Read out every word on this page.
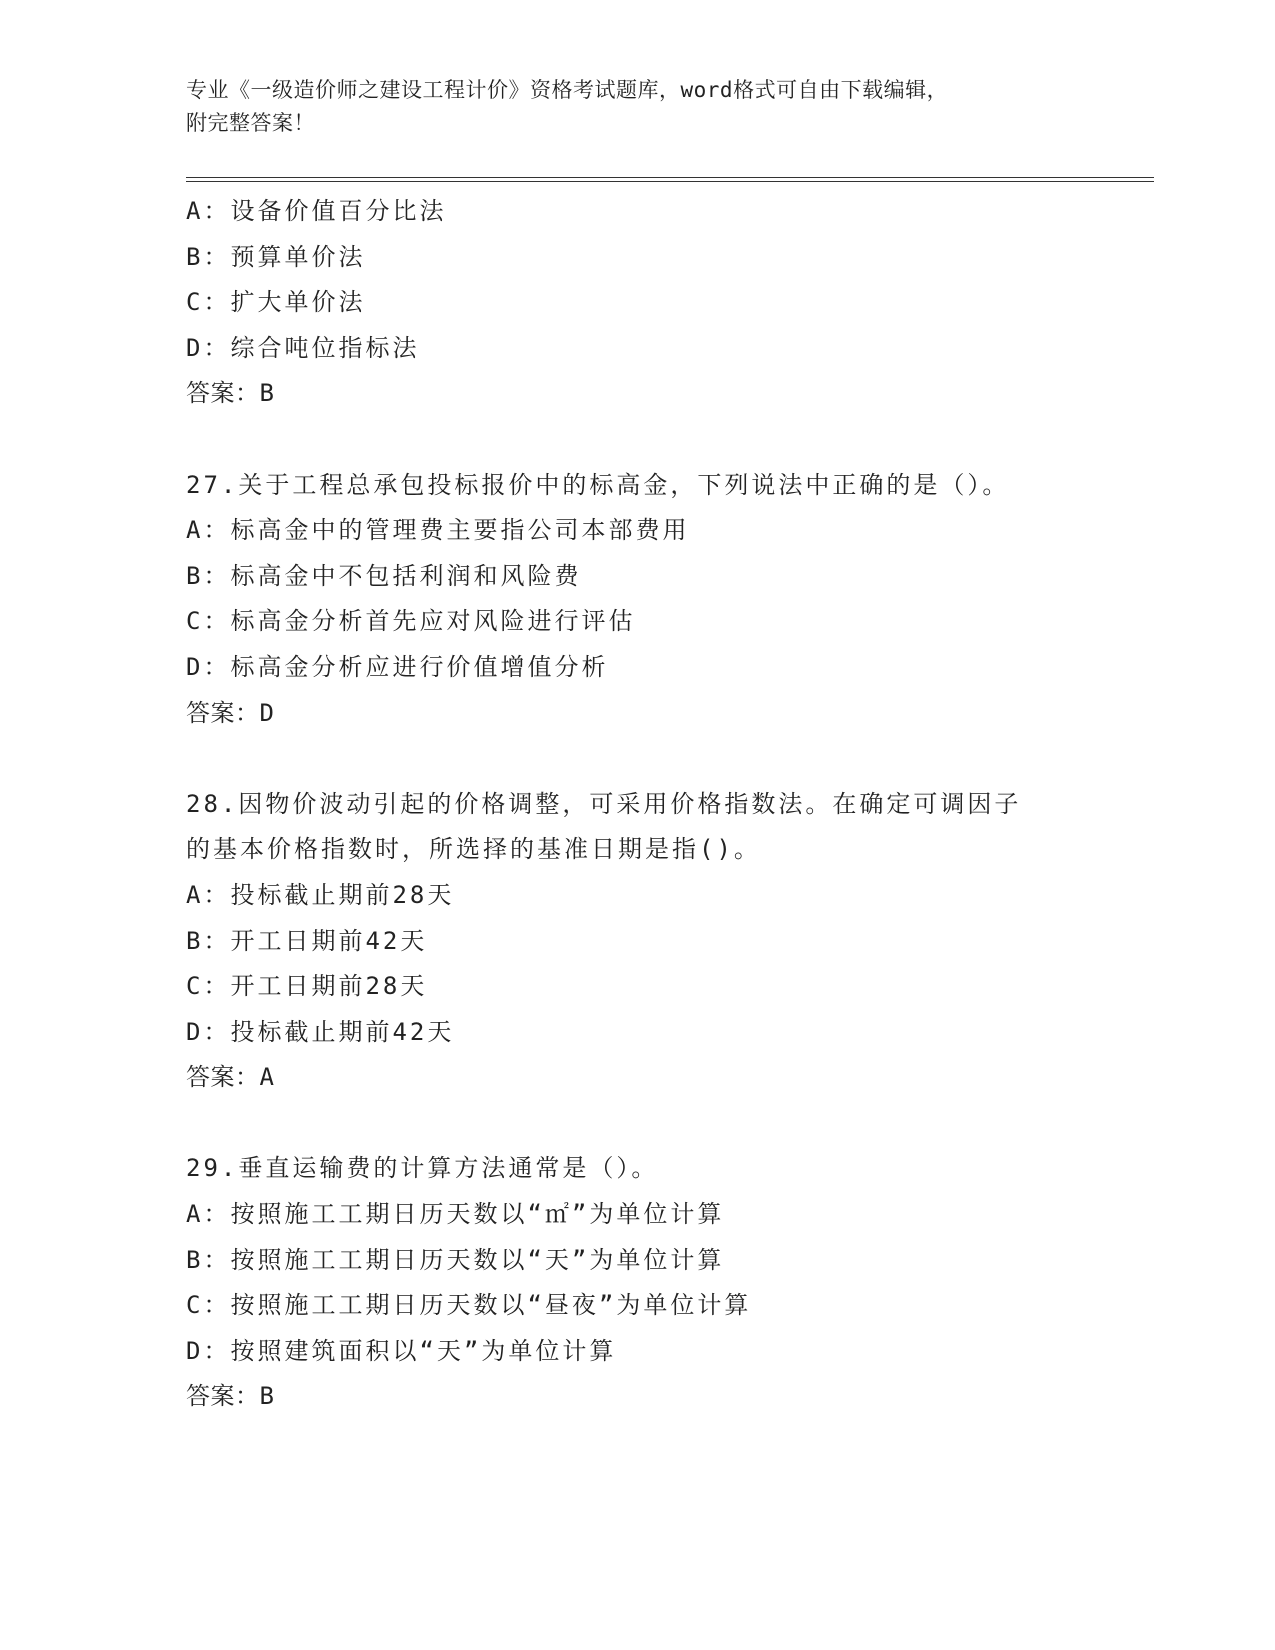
专业《一级造价师之建设工程计价》资格考试题库，word格式可自由下载编辑，
附完整答案！
A：设备价值百分比法
B：预算单价法
C：扩大单价法
D：综合吨位指标法
答案：B
27.关于工程总承包投标报价中的标高金，下列说法中正确的是（）。
A：标高金中的管理费主要指公司本部费用
B：标高金中不包括利润和风险费
C：标高金分析首先应对风险进行评估
D：标高金分析应进行价值增值分析
答案：D
28.因物价波动引起的价格调整，可采用价格指数法。在确定可调因子
的基本价格指数时，所选择的基准日期是指()。
A：投标截止期前28天
B：开工日期前42天
C：开工日期前28天
D：投标截止期前42天
答案：A
29.垂直运输费的计算方法通常是（）。
A：按照施工工期日历天数以“㎡”为单位计算
B：按照施工工期日历天数以“天”为单位计算
C：按照施工工期日历天数以“昼夜”为单位计算
D：按照建筑面积以“天”为单位计算
答案：B
